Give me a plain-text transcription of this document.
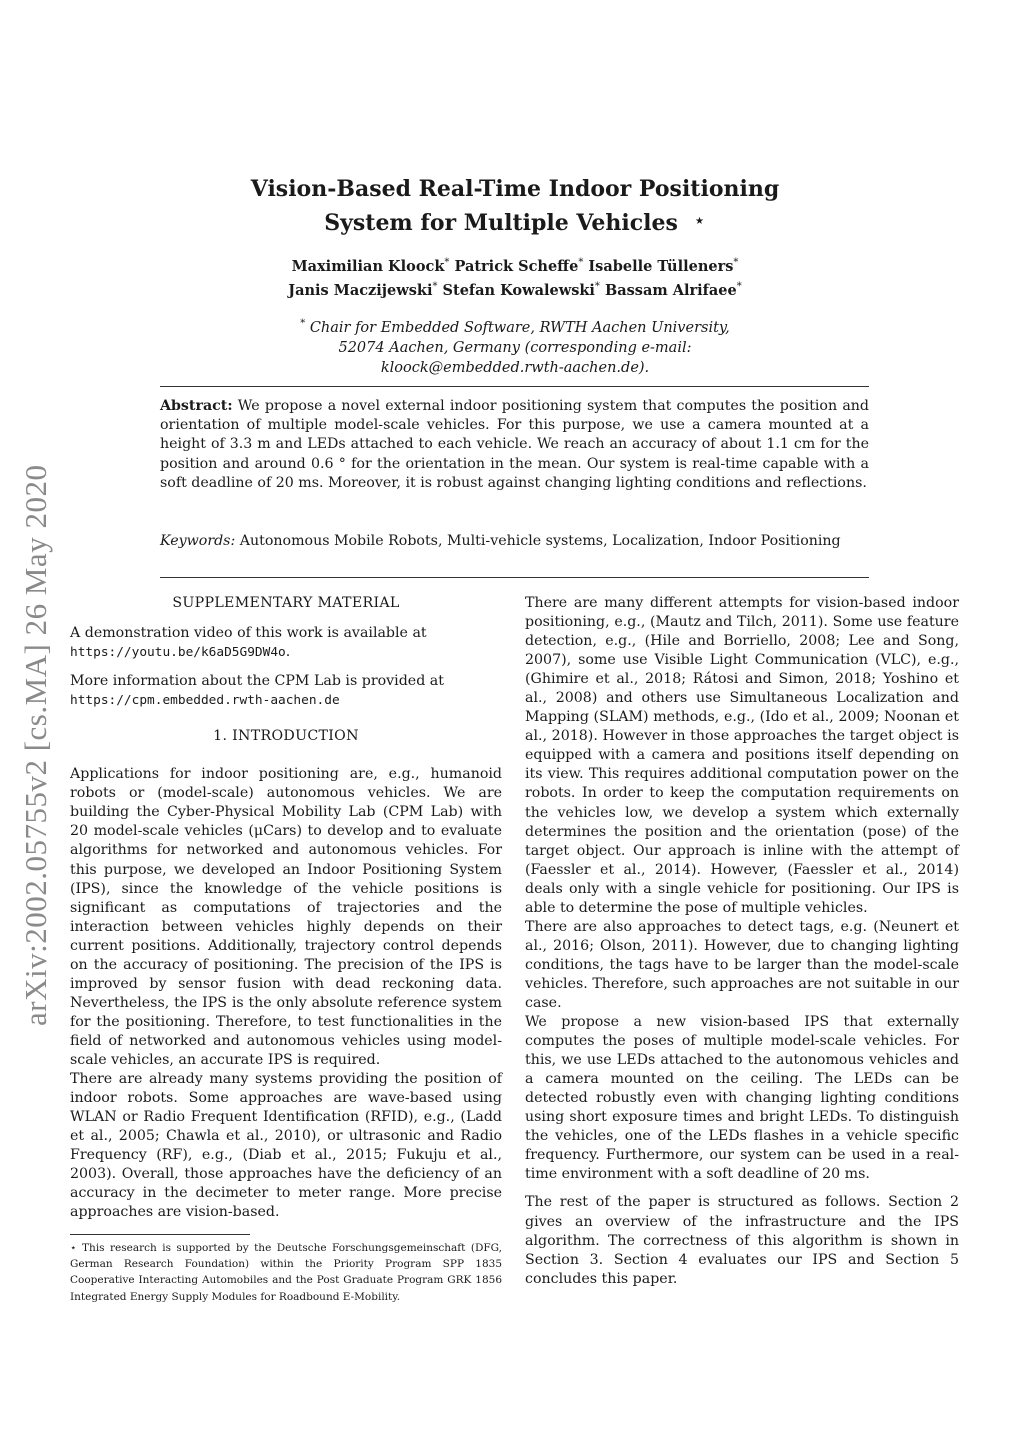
arXiv:2002.05755v2 [cs.MA] 26 May 2020
Vision-Based Real-Time Indoor Positioning
System for Multiple Vehicles ⋆
Maximilian Kloock* Patrick Scheffe* Isabelle Tülleners*
Janis Maczijewski* Stefan Kowalewski* Bassam Alrifaee*
* Chair for Embedded Software, RWTH Aachen University,
52074 Aachen, Germany (corresponding e-mail:
kloock@embedded.rwth-aachen.de).
Abstract: We propose a novel external indoor positioning system that computes the position and orientation of multiple model-scale vehicles. For this purpose, we use a camera mounted at a height of 3.3 m and LEDs attached to each vehicle. We reach an accuracy of about 1.1 cm for the position and around 0.6 ° for the orientation in the mean. Our system is real-time capable with a soft deadline of 20 ms. Moreover, it is robust against changing lighting conditions and reflections.
Keywords: Autonomous Mobile Robots, Multi-vehicle systems, Localization, Indoor Positioning
SUPPLEMENTARY MATERIAL

A demonstration video of this work is available at
https://youtu.be/k6aD5G9DW4o.

More information about the CPM Lab is provided at
https://cpm.embedded.rwth-aachen.de

1. INTRODUCTION

Applications for indoor positioning are, e.g., humanoid robots or (model-scale) autonomous vehicles. We are building the Cyber-Physical Mobility Lab (CPM Lab) with 20 model-scale vehicles (μCars) to develop and to evaluate algorithms for networked and autonomous vehicles. For this purpose, we developed an Indoor Positioning System (IPS), since the knowledge of the vehicle positions is significant as computations of trajectories and the interaction between vehicles highly depends on their current positions. Additionally, trajectory control depends on the accuracy of positioning. The precision of the IPS is improved by sensor fusion with dead reckoning data. Nevertheless, the IPS is the only absolute reference system for the positioning. Therefore, to test functionalities in the field of networked and autonomous vehicles using model-scale vehicles, an accurate IPS is required.

There are already many systems providing the position of indoor robots. Some approaches are wave-based using WLAN or Radio Frequent Identification (RFID), e.g., (Ladd et al., 2005; Chawla et al., 2010), or ultrasonic and Radio Frequency (RF), e.g., (Diab et al., 2015; Fukuju et al., 2003). Overall, those approaches have the deficiency of an accuracy in the decimeter to meter range. More precise approaches are vision-based.

⋆ This research is supported by the Deutsche Forschungsgemeinschaft (DFG, German Research Foundation) within the Priority Program SPP 1835 Cooperative Interacting Automobiles and the Post Graduate Program GRK 1856 Integrated Energy Supply Modules for Roadbound E-Mobility.

There are many different attempts for vision-based indoor positioning, e.g., (Mautz and Tilch, 2011). Some use feature detection, e.g., (Hile and Borriello, 2008; Lee and Song, 2007), some use Visible Light Communication (VLC), e.g., (Ghimire et al., 2018; Rátosi and Simon, 2018; Yoshino et al., 2008) and others use Simultaneous Localization and Mapping (SLAM) methods, e.g., (Ido et al., 2009; Noonan et al., 2018). However in those approaches the target object is equipped with a camera and positions itself depending on its view. This requires additional computation power on the robots. In order to keep the computation requirements on the vehicles low, we develop a system which externally determines the position and the orientation (pose) of the target object. Our approach is inline with the attempt of (Faessler et al., 2014). However, (Faessler et al., 2014) deals only with a single vehicle for positioning. Our IPS is able to determine the pose of multiple vehicles.

There are also approaches to detect tags, e.g. (Neunert et al., 2016; Olson, 2011). However, due to changing lighting conditions, the tags have to be larger than the model-scale vehicles. Therefore, such approaches are not suitable in our case.

We propose a new vision-based IPS that externally computes the poses of multiple model-scale vehicles. For this, we use LEDs attached to the autonomous vehicles and a camera mounted on the ceiling. The LEDs can be detected robustly even with changing lighting conditions using short exposure times and bright LEDs. To distinguish the vehicles, one of the LEDs flashes in a vehicle specific frequency. Furthermore, our system can be used in a real-time environment with a soft deadline of 20 ms.

The rest of the paper is structured as follows. Section 2 gives an overview of the infrastructure and the IPS algorithm. The correctness of this algorithm is shown in Section 3. Section 4 evaluates our IPS and Section 5 concludes this paper.
